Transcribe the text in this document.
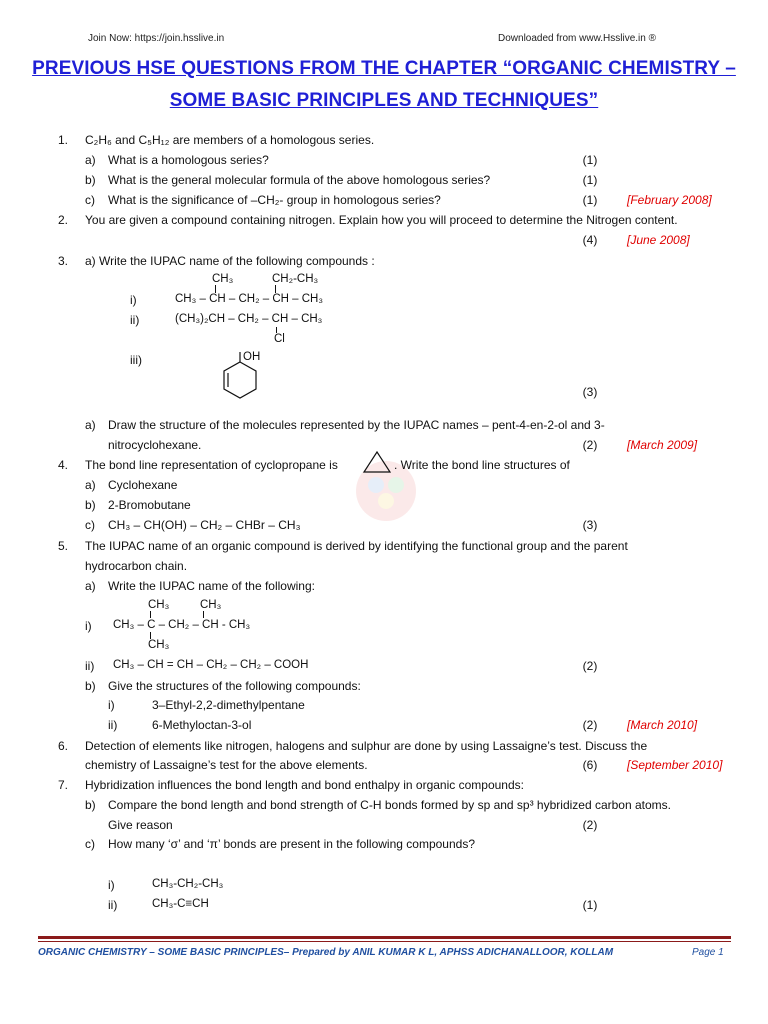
Join Now: https://join.hsslive.in	Downloaded from www.Hsslive.in ®
PREVIOUS HSE QUESTIONS FROM THE CHAPTER “ORGANIC CHEMISTRY –
SOME BASIC PRINCIPLES AND TECHNIQUES”
1. C₂H₆ and C₅H₁₂ are members of a homologous series.
a) What is a homologous series?	(1)
b) What is the general molecular formula of the above homologous series?	(1)
c) What is the significance of –CH₂- group in homologous series?	(1)	[February 2008]
2. You are given a compound containing nitrogen. Explain how you will proceed to determine the Nitrogen content.
(4)	[June 2008]
3. a) Write the IUPAC name of the following compounds :
CH₃	CH₂-CH₃
i)	CH₃ – CH – CH₂ – CH – CH₃
ii)	(CH₃)₂CH – CH₂ – CH – CH₃
Cl
iii)	OH
(3)
a) Draw the structure of the molecules represented by the IUPAC names – pent-4-en-2-ol and 3-
nitrocyclohexane.	(2)	[March 2009]
4. The bond line representation of cyclopropane is	. Write the bond line structures of
a) Cyclohexane
b) 2-Bromobutane
c) CH₃ – CH(OH) – CH₂ – CHBr – CH₃	(3)
5. The IUPAC name of an organic compound is derived by identifying the functional group and the parent
hydrocarbon chain.
a) Write the IUPAC name of the following:
CH₃	CH₃
i) CH₃ – C – CH₂ – CH - CH₃
CH₃
ii) CH₃ – CH = CH – CH₂ – CH₂ – COOH	(2)
b) Give the structures of the following compounds:
i)	3–Ethyl-2,2-dimethylpentane
ii)	6-Methyloctan-3-ol	(2)	[March 2010]
6. Detection of elements like nitrogen, halogens and sulphur are done by using Lassaigne’s test. Discuss the
chemistry of Lassaigne’s test for the above elements.	(6)	[September 2010]
7. Hybridization influences the bond length and bond enthalpy in organic compounds:
b) Compare the bond length and bond strength of C-H bonds formed by sp and sp³ hybridized carbon atoms.
Give reason	(2)
c) How many ‘σ’ and ‘π’ bonds are present in the following compounds?
i)	CH₃-CH₂-CH₃
ii)	CH₃-C≡CH	(1)
ORGANIC CHEMISTRY – SOME BASIC PRINCIPLES– Prepared by ANIL KUMAR K L, APHSS ADICHANALLOOR, KOLLAM	Page 1
